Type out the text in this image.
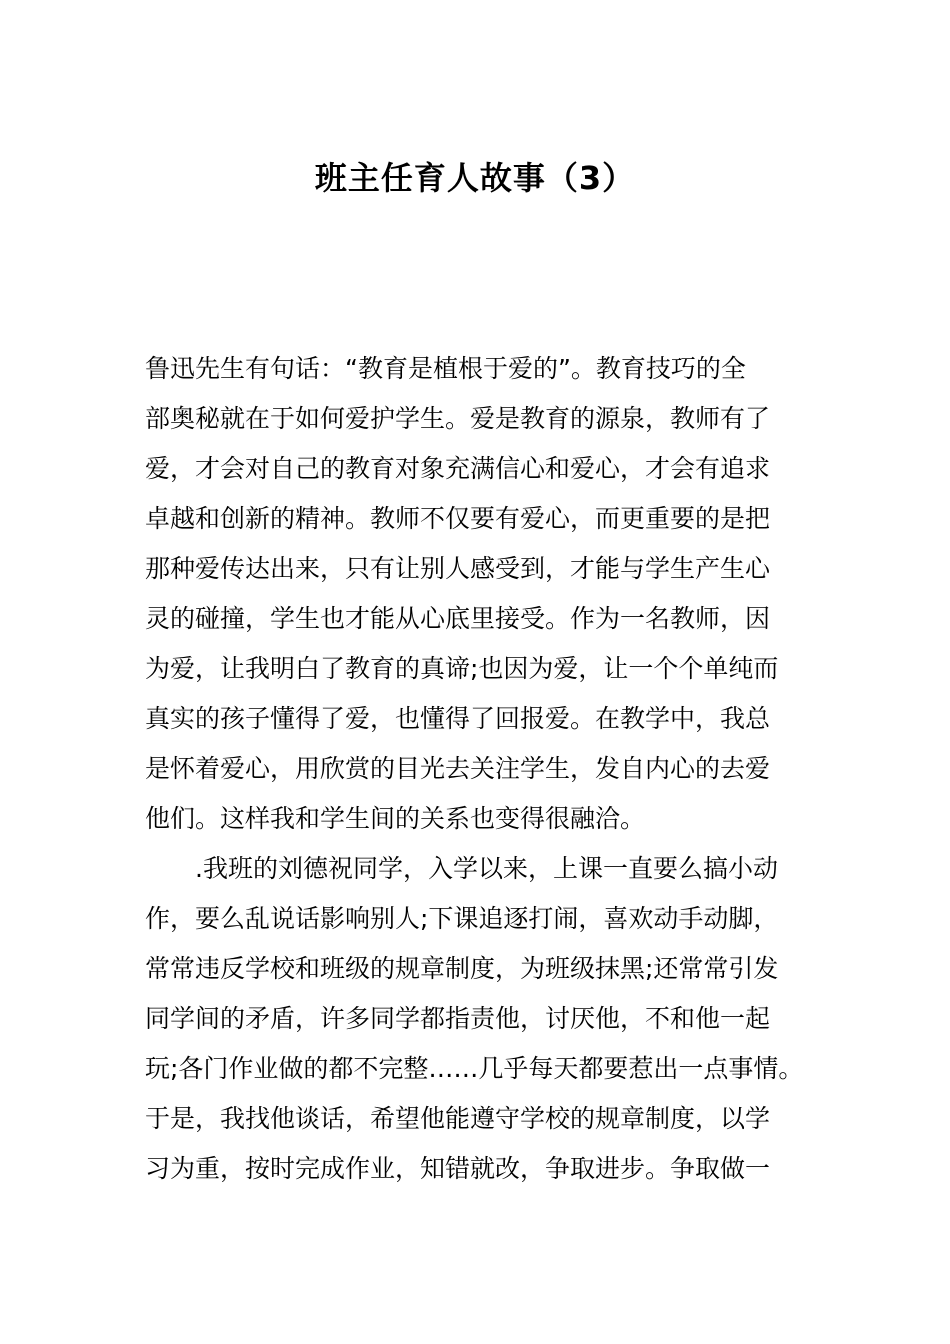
班主任育人故事（3）
鲁迅先生有句话：“教育是植根于爱的”。教育技巧的全
部奥秘就在于如何爱护学生。爱是教育的源泉，教师有了
爱，才会对自己的教育对象充满信心和爱心，才会有追求
卓越和创新的精神。教师不仅要有爱心，而更重要的是把
那种爱传达出来，只有让别人感受到，才能与学生产生心
灵的碰撞，学生也才能从心底里接受。作为一名教师，因
为爱，让我明白了教育的真谛;也因为爱，让一个个单纯而
真实的孩子懂得了爱，也懂得了回报爱。在教学中，我总
是怀着爱心，用欣赏的目光去关注学生，发自内心的去爱
他们。这样我和学生间的关系也变得很融洽。
.我班的刘德祝同学，入学以来，上课一直要么搞小动
作，要么乱说话影响别人;下课追逐打闹，喜欢动手动脚，
常常违反学校和班级的规章制度，为班级抹黑;还常常引发
同学间的矛盾，许多同学都指责他，讨厌他，不和他一起
玩;各门作业做的都不完整……几乎每天都要惹出一点事情。
于是，我找他谈话，希望他能遵守学校的规章制度，以学
习为重，按时完成作业，知错就改，争取进步。争取做一
